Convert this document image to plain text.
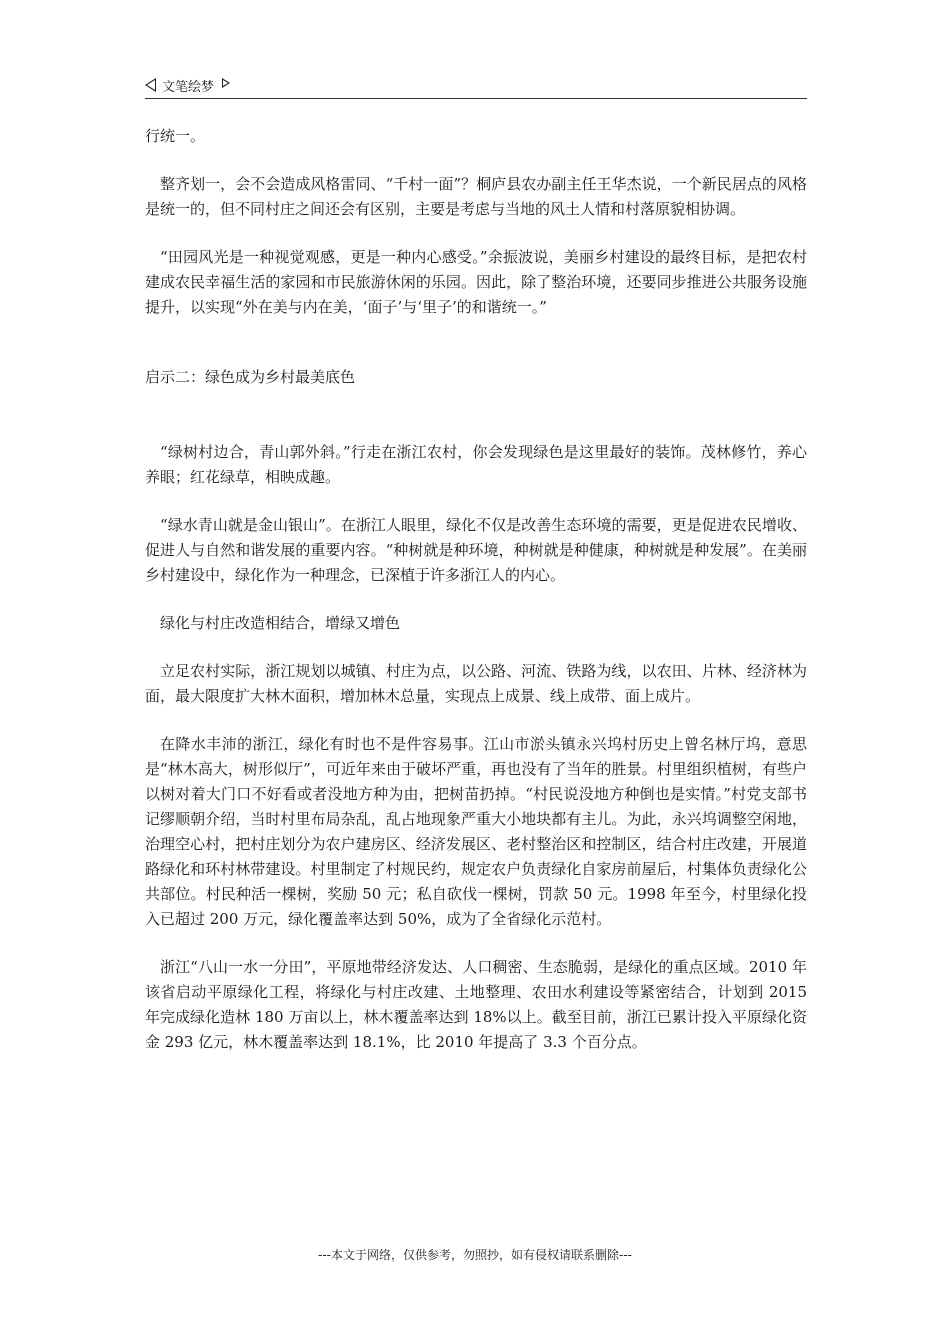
文笔绘梦

行统一。

整齐划一，会不会造成风格雷同、“千村一面”？桐庐县农办副主任王华杰说，一个新民居点的风格是统一的，但不同村庄之间还会有区别，主要是考虑与当地的风土人情和村落原貌相协调。

“田园风光是一种视觉观感，更是一种内心感受。”余振波说，美丽乡村建设的最终目标，是把农村建成农民幸福生活的家园和市民旅游休闲的乐园。因此，除了整治环境，还要同步推进公共服务设施提升，以实现“外在美与内在美，‘面子’与‘里子’的和谐统一。”

启示二：绿色成为乡村最美底色

“绿树村边合，青山郭外斜。”行走在浙江农村，你会发现绿色是这里最好的装饰。茂林修竹，养心养眼；红花绿草，相映成趣。

“绿水青山就是金山银山”。在浙江人眼里，绿化不仅是改善生态环境的需要，更是促进农民增收、促进人与自然和谐发展的重要内容。“种树就是种环境，种树就是种健康，种树就是种发展”。在美丽乡村建设中，绿化作为一种理念，已深植于许多浙江人的内心。

绿化与村庄改造相结合，增绿又增色

立足农村实际，浙江规划以城镇、村庄为点，以公路、河流、铁路为线，以农田、片林、经济林为面，最大限度扩大林木面积，增加林木总量，实现点上成景、线上成带、面上成片。

在降水丰沛的浙江，绿化有时也不是件容易事。江山市淤头镇永兴坞村历史上曾名林厅坞，意思是“林木高大，树形似厅”，可近年来由于破坏严重，再也没有了当年的胜景。村里组织植树，有些户以树对着大门口不好看或者没地方种为由，把树苗扔掉。“村民说没地方种倒也是实情。”村党支部书记缪顺朝介绍，当时村里布局杂乱，乱占地现象严重大小地块都有主儿。为此，永兴坞调整空闲地，治理空心村，把村庄划分为农户建房区、经济发展区、老村整治区和控制区，结合村庄改建，开展道路绿化和环村林带建设。村里制定了村规民约，规定农户负责绿化自家房前屋后，村集体负责绿化公共部位。村民种活一棵树，奖励 50 元；私自砍伐一棵树，罚款 50 元。1998 年至今，村里绿化投入已超过 200 万元，绿化覆盖率达到 50%，成为了全省绿化示范村。

浙江“八山一水一分田”，平原地带经济发达、人口稠密、生态脆弱，是绿化的重点区域。2010 年该省启动平原绿化工程，将绿化与村庄改建、土地整理、农田水利建设等紧密结合，计划到 2015 年完成绿化造林 180 万亩以上，林木覆盖率达到 18%以上。截至目前，浙江已累计投入平原绿化资金 293 亿元，林木覆盖率达到 18.1%，比 2010 年提高了 3.3 个百分点。

---本文于网络，仅供参考，勿照抄，如有侵权请联系删除---
